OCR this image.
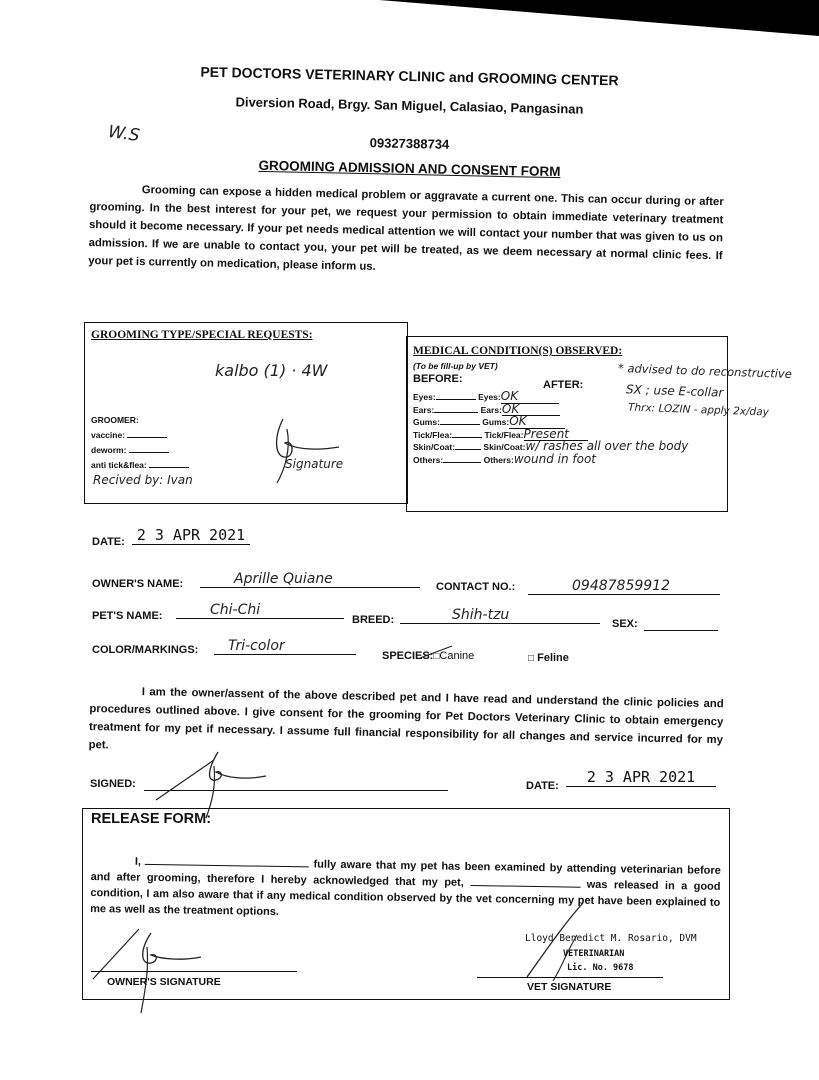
PET DOCTORS VETERINARY CLINIC and GROOMING CENTER
Diversion Road, Brgy. San Miguel, Calasiao, Pangasinan
09327388734
GROOMING ADMISSION AND CONSENT FORM
W.S
Grooming can expose a hidden medical problem or aggravate a current one. This can occur during or after grooming. In the best interest for your pet, we request your permission to obtain immediate veterinary treatment should it become necessary. If your pet needs medical attention we will contact your number that was given to us on admission. If we are unable to contact you, your pet will be treated, as we deem necessary at normal clinic fees. If your pet is currently on medication, please inform us.
GROOMING TYPE/SPECIAL REQUESTS:
kalbo (1) · 4W
GROOMER:
vaccine:
deworm:
anti tick&flea:
Recived by: Ivan
Signature
MEDICAL CONDITION(S) OBSERVED:
(To be fill-up by VET)
BEFORE:	AFTER:
Eyes:	Eyes:OK
Ears:	Ears:OK
Gums:	Gums:OK
Tick/Flea:	Tick/Flea:Present
Skin/Coat:	Skin/Coat:w/ rashes all over the body
Others:	Others:wound in foot
* advised to do reconstructive
SX ; use E-collar
Thrx: LOZIN - apply 2x/day
DATE: 2 3 APR 2021
OWNER'S NAME:	Aprille Quiane	CONTACT NO.:	09487859912
PET'S NAME:	Chi-Chi
BREED:	Shih-tzu
SEX:
COLOR/MARKINGS:	Tri-color
SPECIES:□Canine	□ Feline
I am the owner/assent of the above described pet and I have read and understand the clinic policies and procedures outlined above. I give consent for the grooming for Pet Doctors Veterinary Clinic to obtain emergency treatment for my pet if necessary. I assume full financial responsibility for all changes and service incurred for my pet.
SIGNED:	DATE:	2 3 APR 2021
RELEASE FORM:
I,	fully aware that my pet has been examined by attending veterinarian before and after grooming, therefore I hereby acknowledged that my pet,	was released in a good condition, I am also aware that if any medical condition observed by the vet concerning my pet have been explained to me as well as the treatment options.
Lloyd Benedict M. Rosario, DVM
VETERINARIAN
Lic. No. 9678
OWNER'S SIGNATURE	VET SIGNATURE
